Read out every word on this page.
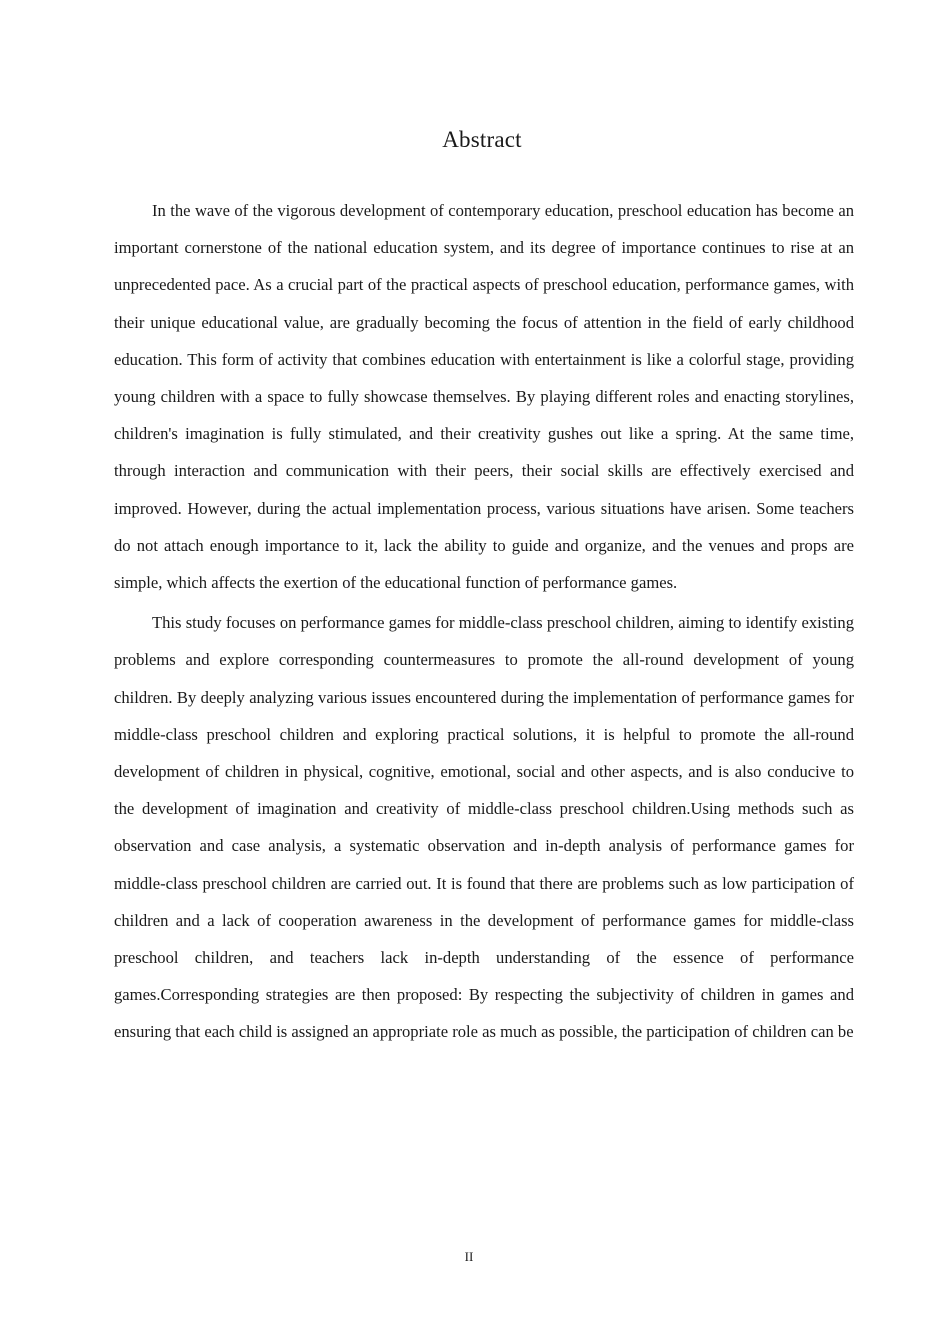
Abstract

In the wave of the vigorous development of contemporary education, preschool education has become an important cornerstone of the national education system, and its degree of importance continues to rise at an unprecedented pace. As a crucial part of the practical aspects of preschool education, performance games, with their unique educational value, are gradually becoming the focus of attention in the field of early childhood education. This form of activity that combines education with entertainment is like a colorful stage, providing young children with a space to fully showcase themselves. By playing different roles and enacting storylines, children's imagination is fully stimulated, and their creativity gushes out like a spring. At the same time, through interaction and communication with their peers, their social skills are effectively exercised and improved. However, during the actual implementation process, various situations have arisen. Some teachers do not attach enough importance to it, lack the ability to guide and organize, and the venues and props are simple, which affects the exertion of the educational function of performance games.

This study focuses on performance games for middle-class preschool children, aiming to identify existing problems and explore corresponding countermeasures to promote the all-round development of young children. By deeply analyzing various issues encountered during the implementation of performance games for middle-class preschool children and exploring practical solutions, it is helpful to promote the all-round development of children in physical, cognitive, emotional, social and other aspects, and is also conducive to the development of imagination and creativity of middle-class preschool children.Using methods such as observation and case analysis, a systematic observation and in-depth analysis of performance games for middle-class preschool children are carried out. It is found that there are problems such as low participation of children and a lack of cooperation awareness in the development of performance games for middle-class preschool children, and teachers lack in-depth understanding of the essence of performance games.Corresponding strategies are then proposed: By respecting the subjectivity of children in games and ensuring that each child is assigned an appropriate role as much as possible, the participation of children can be

II
